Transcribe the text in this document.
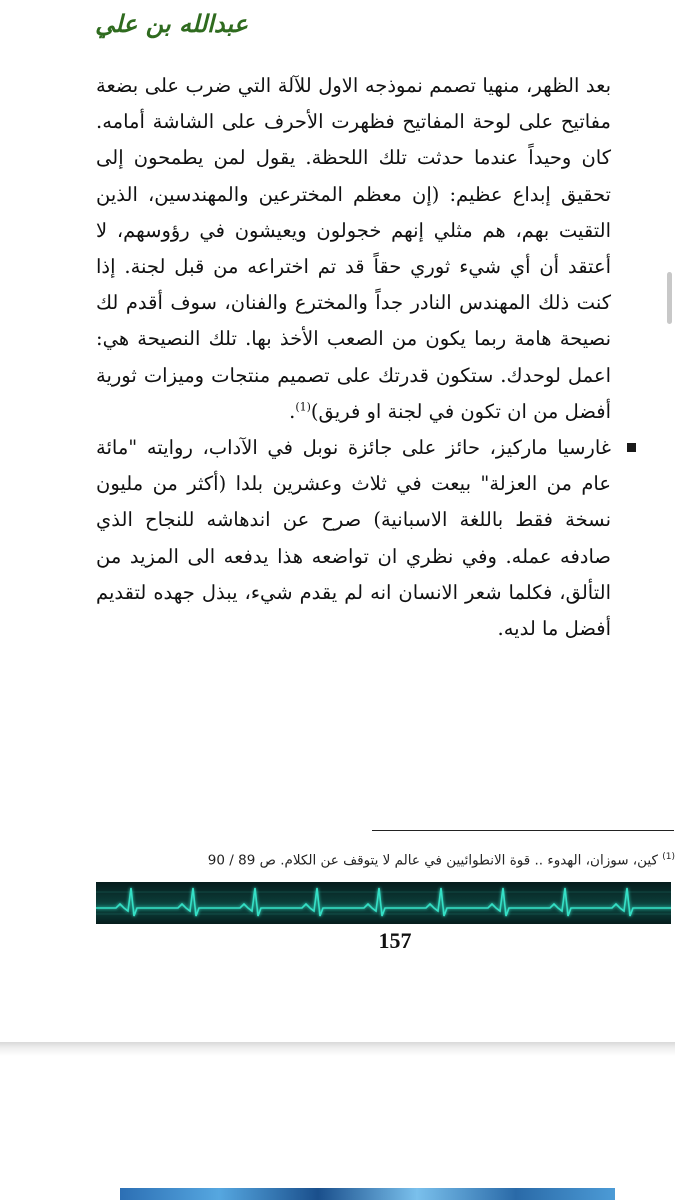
عبدالله بن علي

بعد الظهر، منهيا تصمم نموذجه الاول للآلة التي ضرب على بضعة مفاتيح على لوحة المفاتيح فظهرت الأحرف على الشاشة أمامه. كان وحيداً عندما حدثت تلك اللحظة. يقول لمن يطمحون إلى تحقيق إبداع عظيم: (إن معظم المخترعين والمهندسين، الذين التقيت بهم، هم مثلي إنهم خجولون ويعيشون في رؤوسهم، لا أعتقد أن أي شيء ثوري حقاً قد تم اختراعه من قبل لجنة. إذا كنت ذلك المهندس النادر جداً والمخترع والفنان، سوف أقدم لك نصيحة هامة ربما يكون من الصعب الأخذ بها. تلك النصيحة هي: اعمل لوحدك. ستكون قدرتك على تصميم منتجات وميزات ثورية أفضل من ان تكون في لجنة او فريق)$^{(1)}$.

غارسيا ماركيز، حائز على جائزة نوبل في الآداب، روايته "مائة عام من العزلة" بيعت في ثلاث وعشرين بلدا (أكثر من مليون نسخة فقط باللغة الاسبانية) صرح عن اندهاشه للنجاح الذي صادفه عمله. وفي نظري ان تواضعه هذا يدفعه الى المزيد من التألق، فكلما شعر الانسان انه لم يقدم شيء، يبذل جهده لتقديم أفضل ما لديه.

$^{(1)}$ كين، سوزان، الهدوء .. قوة الانطوائيين في عالم لا يتوقف عن الكلام. ص 89 / 90
157
